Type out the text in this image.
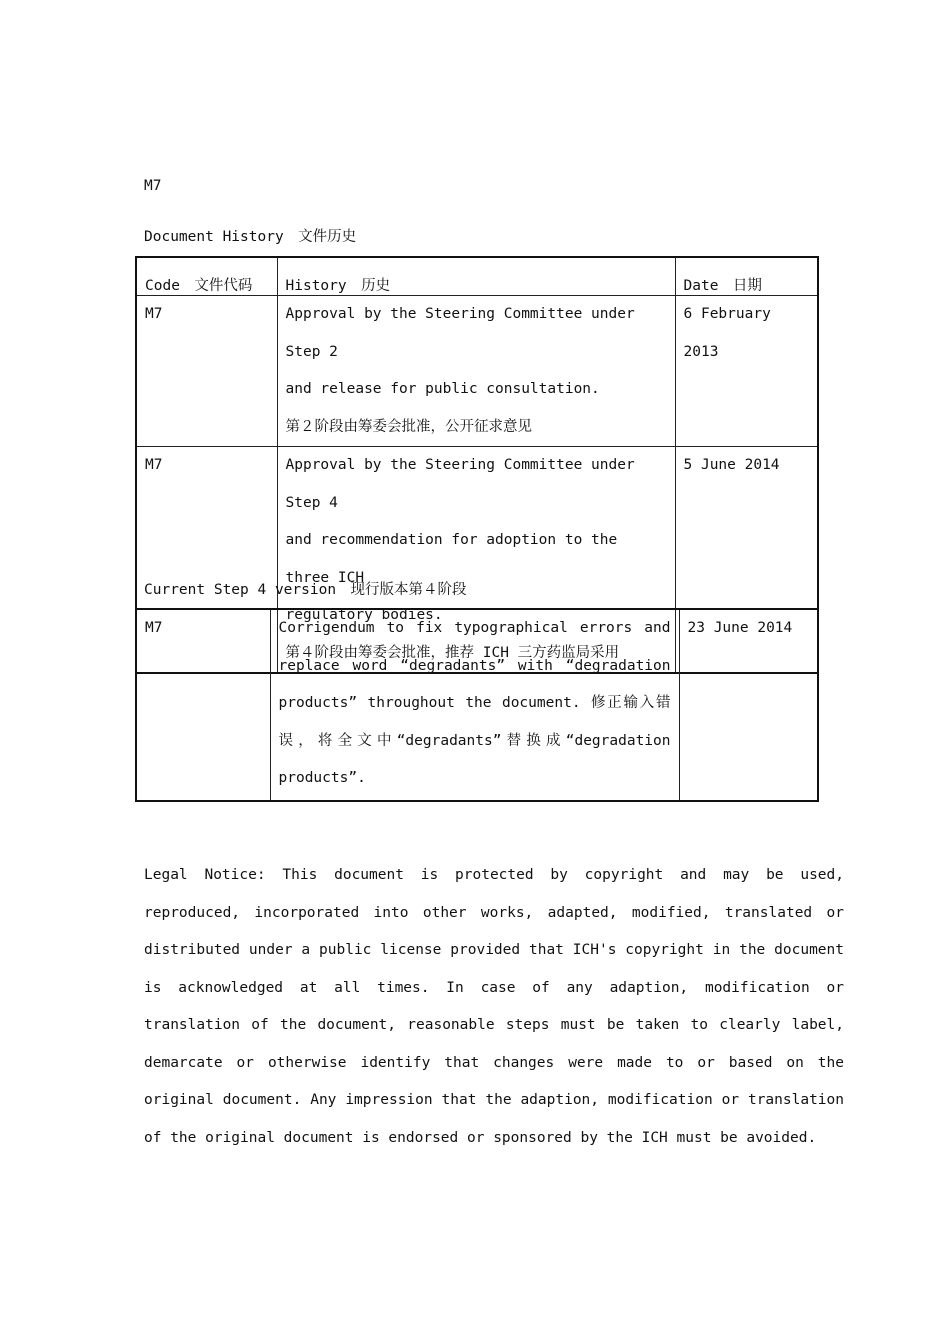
M7
Document History　文件历史
Code　文件代码	History　历史	Date　日期
M7	Approval by the Steering Committee under Step 2
and release for public consultation.
第２阶段由筹委会批准，公开征求意见	6 February 2013
M7	Approval by the Steering Committee under Step 4
and recommendation for adoption to the three ICH
regulatory bodies.
第４阶段由筹委会批准，推荐 ICH 三方药监局采用	5 June 2014
Current Step 4 version　现行版本第４阶段
M7	Corrigendum to fix typographical errors and replace word “degradants” with “degradation products” throughout the document. 修正输入错误，将全文中“degradants”替换成“degradation products”.	23 June 2014
Legal Notice: This document is protected by copyright and may be used, reproduced, incorporated into other works, adapted, modified, translated or distributed under a public license provided that ICH's copyright in the document is acknowledged at all times. In case of any adaption, modification or translation of the document, reasonable steps must be taken to clearly label, demarcate or otherwise identify that changes were made to or based on the original document. Any impression that the adaption, modification or translation of the original document is endorsed or sponsored by the ICH must be avoided.
